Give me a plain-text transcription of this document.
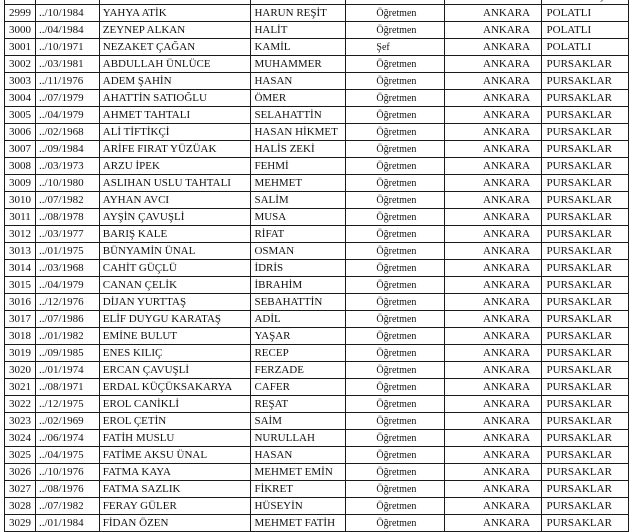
2999	../10/1984	YAHYA ATİK	HARUN REŞİT	Öğretmen	ANKARA	POLATLI
3000	../04/1984	ZEYNEP ALKAN	HALİT	Öğretmen	ANKARA	POLATLI
3001	../10/1971	NEZAKET ÇAĞAN	KAMİL	Şef	ANKARA	POLATLI
3002	../03/1981	ABDULLAH ÜNLÜCE	MUHAMMER	Öğretmen	ANKARA	PURSAKLAR
3003	../11/1976	ADEM ŞAHİN	HASAN	Öğretmen	ANKARA	PURSAKLAR
3004	../07/1979	AHATTİN SATIOĞLU	ÖMER	Öğretmen	ANKARA	PURSAKLAR
3005	../04/1979	AHMET TAHTALI	SELAHATTİN	Öğretmen	ANKARA	PURSAKLAR
3006	../02/1968	ALİ TİFTİKÇİ	HASAN HİKMET	Öğretmen	ANKARA	PURSAKLAR
3007	../09/1984	ARİFE FIRAT YÜZÜAK	HALİS ZEKİ	Öğretmen	ANKARA	PURSAKLAR
3008	../03/1973	ARZU İPEK	FEHMİ	Öğretmen	ANKARA	PURSAKLAR
3009	../10/1980	ASLIHAN USLU TAHTALI	MEHMET	Öğretmen	ANKARA	PURSAKLAR
3010	../07/1982	AYHAN AVCI	SALİM	Öğretmen	ANKARA	PURSAKLAR
3011	../08/1978	AYŞİN ÇAVUŞLİ	MUSA	Öğretmen	ANKARA	PURSAKLAR
3012	../03/1977	BARIŞ KALE	RİFAT	Öğretmen	ANKARA	PURSAKLAR
3013	../01/1975	BÜNYAMİN ÜNAL	OSMAN	Öğretmen	ANKARA	PURSAKLAR
3014	../03/1968	CAHİT GÜÇLÜ	İDRİS	Öğretmen	ANKARA	PURSAKLAR
3015	../04/1979	CANAN ÇELİK	İBRAHİM	Öğretmen	ANKARA	PURSAKLAR
3016	../12/1976	DİJAN YURTTAŞ	SEBAHATTİN	Öğretmen	ANKARA	PURSAKLAR
3017	../07/1986	ELİF DUYGU KARATAŞ	ADİL	Öğretmen	ANKARA	PURSAKLAR
3018	../01/1982	EMİNE BULUT	YAŞAR	Öğretmen	ANKARA	PURSAKLAR
3019	../09/1985	ENES KILIÇ	RECEP	Öğretmen	ANKARA	PURSAKLAR
3020	../01/1974	ERCAN ÇAVUŞLİ	FERZADE	Öğretmen	ANKARA	PURSAKLAR
3021	../08/1971	ERDAL KÜÇÜKSAKARYA	CAFER	Öğretmen	ANKARA	PURSAKLAR
3022	../12/1975	EROL CANİKLİ	REŞAT	Öğretmen	ANKARA	PURSAKLAR
3023	../02/1969	EROL ÇETİN	SAİM	Öğretmen	ANKARA	PURSAKLAR
3024	../06/1974	FATİH MUSLU	NURULLAH	Öğretmen	ANKARA	PURSAKLAR
3025	../04/1975	FATİME AKSU ÜNAL	HASAN	Öğretmen	ANKARA	PURSAKLAR
3026	../10/1976	FATMA KAYA	MEHMET EMİN	Öğretmen	ANKARA	PURSAKLAR
3027	../08/1976	FATMA SAZLIK	FİKRET	Öğretmen	ANKARA	PURSAKLAR
3028	../07/1982	FERAY GÜLER	HÜSEYİN	Öğretmen	ANKARA	PURSAKLAR
3029	../01/1984	FİDAN ÖZEN	MEHMET FATİH	Öğretmen	ANKARA	PURSAKLAR
